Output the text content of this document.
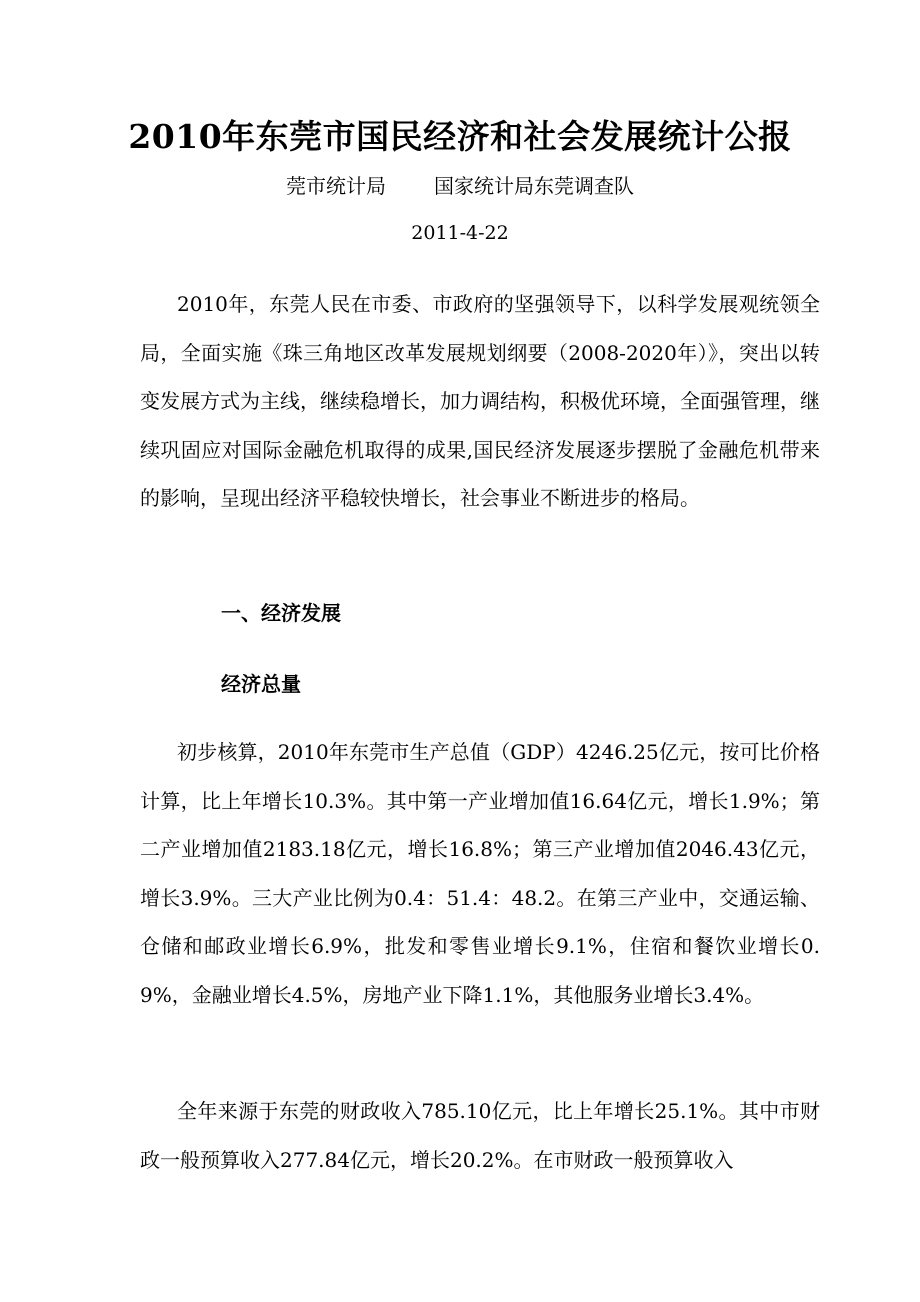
2010年东莞市国民经济和社会发展统计公报
莞市统计局 国家统计局东莞调查队
2011-4-22

2010年，东莞人民在市委、市政府的坚强领导下，以科学发展观统领全局，全面实施《珠三角地区改革发展规划纲要（2008-2020年）》，突出以转变发展方式为主线，继续稳增长，加力调结构，积极优环境，全面强管理，继续巩固应对国际金融危机取得的成果,国民经济发展逐步摆脱了金融危机带来的影响，呈现出经济平稳较快增长，社会事业不断进步的格局。

一、经济发展
经济总量

初步核算，2010年东莞市生产总值（GDP）4246.25亿元，按可比价格计算，比上年增长10.3%。其中第一产业增加值16.64亿元，增长1.9%；第二产业增加值2183.18亿元，增长16.8%；第三产业增加值2046.43亿元，增长3.9%。三大产业比例为0.4：51.4：48.2。在第三产业中，交通运输、仓储和邮政业增长6.9%，批发和零售业增长9.1%，住宿和餐饮业增长0.9%，金融业增长4.5%，房地产业下降1.1%，其他服务业增长3.4%。

全年来源于东莞的财政收入785.10亿元，比上年增长25.1%。其中市财政一般预算收入277.84亿元，增长20.2%。在市财政一般预算收入
